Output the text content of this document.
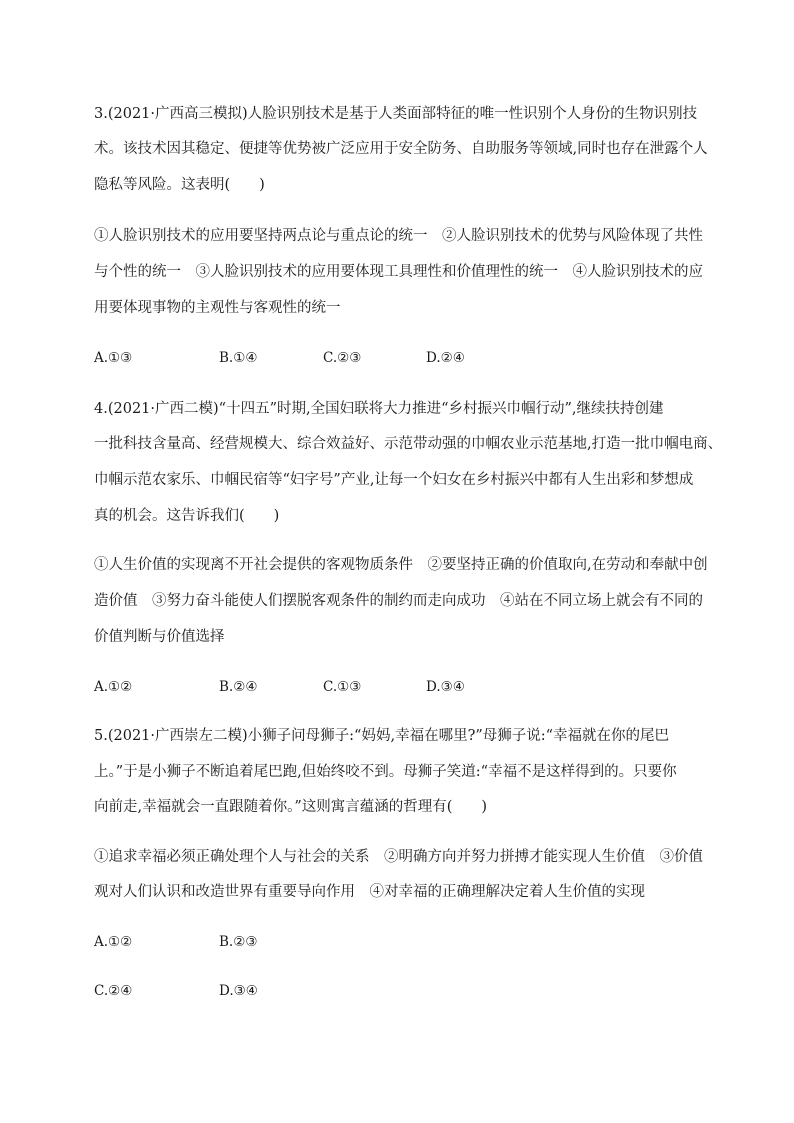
3.(2021·广西高三模拟)人脸识别技术是基于人类面部特征的唯一性识别个人身份的生物识别技
术。该技术因其稳定、便捷等优势被广泛应用于安全防务、自助服务等领域,同时也存在泄露个人
隐私等风险。这表明(　　)
①人脸识别技术的应用要坚持两点论与重点论的统一　②人脸识别技术的优势与风险体现了共性
与个性的统一　③人脸识别技术的应用要体现工具理性和价值理性的统一　④人脸识别技术的应
用要体现事物的主观性与客观性的统一
A.①③	B.①④	C.②③	D.②④
4.(2021·广西二模)“十四五”时期,全国妇联将大力推进“乡村振兴巾帼行动”,继续扶持创建
一批科技含量高、经营规模大、综合效益好、示范带动强的巾帼农业示范基地,打造一批巾帼电商、
巾帼示范农家乐、巾帼民宿等“妇字号”产业,让每一个妇女在乡村振兴中都有人生出彩和梦想成
真的机会。这告诉我们(　　)
①人生价值的实现离不开社会提供的客观物质条件　②要坚持正确的价值取向,在劳动和奉献中创
造价值　③努力奋斗能使人们摆脱客观条件的制约而走向成功　④站在不同立场上就会有不同的
价值判断与价值选择
A.①②	B.②④	C.①③	D.③④
5.(2021·广西崇左二模)小狮子问母狮子:“妈妈,幸福在哪里?”母狮子说:“幸福就在你的尾巴
上。”于是小狮子不断追着尾巴跑,但始终咬不到。母狮子笑道:“幸福不是这样得到的。只要你
向前走,幸福就会一直跟随着你。”这则寓言蕴涵的哲理有(　　)
①追求幸福必须正确处理个人与社会的关系　②明确方向并努力拼搏才能实现人生价值　③价值
观对人们认识和改造世界有重要导向作用　④对幸福的正确理解决定着人生价值的实现
A.①②	B.②③
C.②④	D.③④
